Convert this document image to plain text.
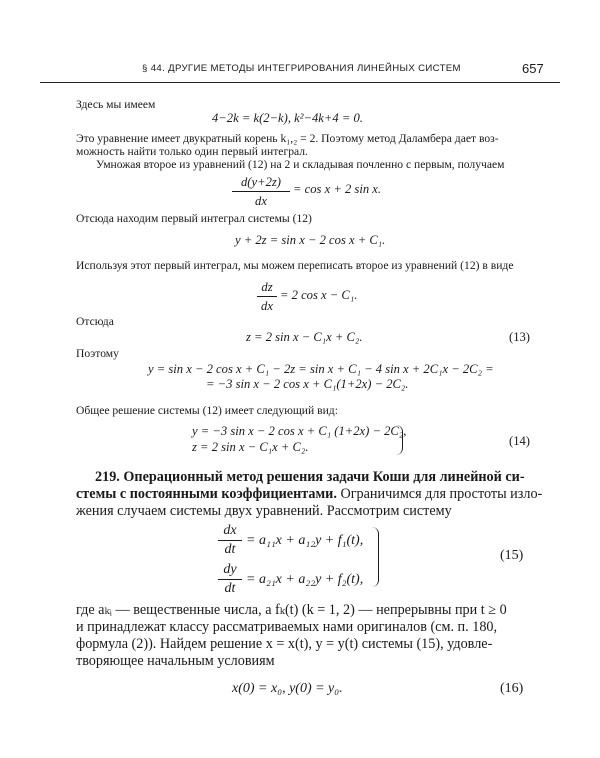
§ 44. ДРУГИЕ МЕТОДЫ ИНТЕГРИРОВАНИЯ ЛИНЕЙНЫХ СИСТЕМ	657
Здесь мы имеем
4−2k = k(2−k), k²−4k+4 = 0.
Это уравнение имеет двукратный корень k₁,₂ = 2. Поэтому метод Даламбера дает воз-
можность найти только один первый интеграл.
Умножая второе из уравнений (12) на 2 и складывая почленно с первым, получаем
d(y+2z)
dx
= cos x + 2 sin x.
Отсюда находим первый интеграл системы (12)
y + 2z = sin x − 2 cos x + C₁.
Используя этот первый интеграл, мы можем переписать второе из уравнений (12) в виде
dz
dx
= 2 cos x − C₁.
Отсюда
z = 2 sin x − C₁x + C₂.	(13)
Поэтому
y = sin x − 2 cos x + C₁ − 2z = sin x + C₁ − 4 sin x + 2C₁x − 2C₂ =
= −3 sin x − 2 cos x + C₁(1+2x) − 2C₂.
Общее решение системы (12) имеет следующий вид:
y = −3 sin x − 2 cos x + C₁ (1+2x) − 2C₂,
z = 2 sin x − C₁x + C₂.	(14)
219. Операционный метод решения задачи Коши для линейной си-
стемы с постоянными коэффициентами. Ограничимся для простоты изло-
жения случаем системы двух уравнений. Рассмотрим систему
dx
dt
= a₁₁x + a₁₂y + f₁(t),
dy
dt
= a₂₁x + a₂₂y + f₂(t),
(15)
где aₖᵢ — вещественные числа, а fₖ(t) (k = 1, 2) — непрерывны при t ≥ 0
и принадлежат классу рассматриваемых нами оригиналов (см. п. 180,
формула (2)). Найдем решение x = x(t), y = y(t) системы (15), удовле-
творяющее начальным условиям
x(0) = x₀, y(0) = y₀.	(16)
